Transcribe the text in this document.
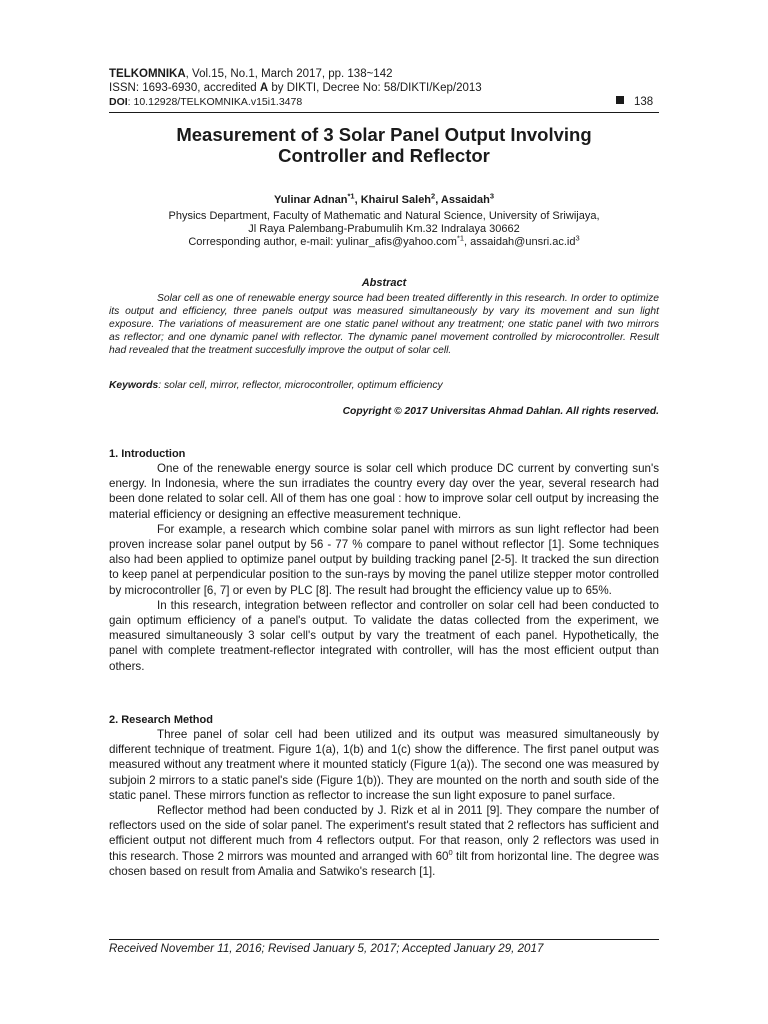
TELKOMNIKA, Vol.15, No.1, March 2017, pp. 138~142
ISSN: 1693-6930, accredited A by DIKTI, Decree No: 58/DIKTI/Kep/2013
DOI: 10.12928/TELKOMNIKA.v15i1.3478	138
Measurement of 3 Solar Panel Output Involving
Controller and Reflector
Yulinar Adnan$^{*1}$, Khairul Saleh$^2$, Assaidah$^3$
Physics Department, Faculty of Mathematic and Natural Science, University of Sriwijaya,
Jl Raya Palembang-Prabumulih Km.32 Indralaya 30662
Corresponding author, e-mail: yulinar_afis@yahoo.com$^{*1}$, $assaidah@unsri.ac.id^3$
Abstract
Solar cell as one of renewable energy source had been treated differently in this research. In order to optimize its output and efficiency, three panels output was measured simultaneously by vary its movement and sun light exposure. The variations of measurement are one static panel without any treatment; one static panel with two mirrors as reflector; and one dynamic panel with reflector. The dynamic panel movement controlled by microcontroller. Result had revealed that the treatment succesfully improve the output of solar cell.
Keywords: solar cell, mirror, reflector, microcontroller, optimum efficiency
Copyright © 2017 Universitas Ahmad Dahlan. All rights reserved.
1. Introduction

One of the renewable energy source is solar cell which produce DC current by converting sun's energy. In Indonesia, where the sun irradiates the country every day over the year, several research had been done related to solar cell. All of them has one goal : how to improve solar cell output by increasing the material efficiency or designing an effective measurement technique.

For example, a research which combine solar panel with mirrors as sun light reflector had been proven increase solar panel output by 56 - 77 % compare to panel without reflector [1]. Some techniques also had been applied to optimize panel output by building tracking panel [2-5]. It tracked the sun direction to keep panel at perpendicular position to the sun-rays by moving the panel utilize stepper motor controlled by microcontroller [6, 7] or even by PLC [8]. The result had brought the efficiency value up to 65%.

In this research, integration between reflector and controller on solar cell had been conducted to gain optimum efficiency of a panel's output. To validate the datas collected from the experiment, we measured simultaneously 3 solar cell's output by vary the treatment of each panel. Hypothetically, the panel with complete treatment-reflector integrated with controller, will has the most efficient output than others.

2. Research Method

Three panel of solar cell had been utilized and its output was measured simultaneously by different technique of treatment. Figure 1(a), 1(b) and 1(c) show the difference. The first panel output was measured without any treatment where it mounted staticly (Figure 1(a)). The second one was measured by subjoin 2 mirrors to a static panel's side (Figure 1(b)). They are mounted on the north and south side of the static panel. These mirrors function as reflector to increase the sun light exposure to panel surface.

Reflector method had been conducted by J. Rizk et al in 2011 [9]. They compare the number of reflectors used on the side of solar panel. The experiment's result stated that 2 reflectors has sufficient and efficient output not different much from 4 reflectors output. For that reason, only 2 reflectors was used in this research. Those 2 mirrors was mounted and arranged with $60^0$ tilt from horizontal line. The degree was chosen based on result from Amalia and Satwiko's research [1].

Received November 11, 2016; Revised January 5, 2017; Accepted January 29, 2017
